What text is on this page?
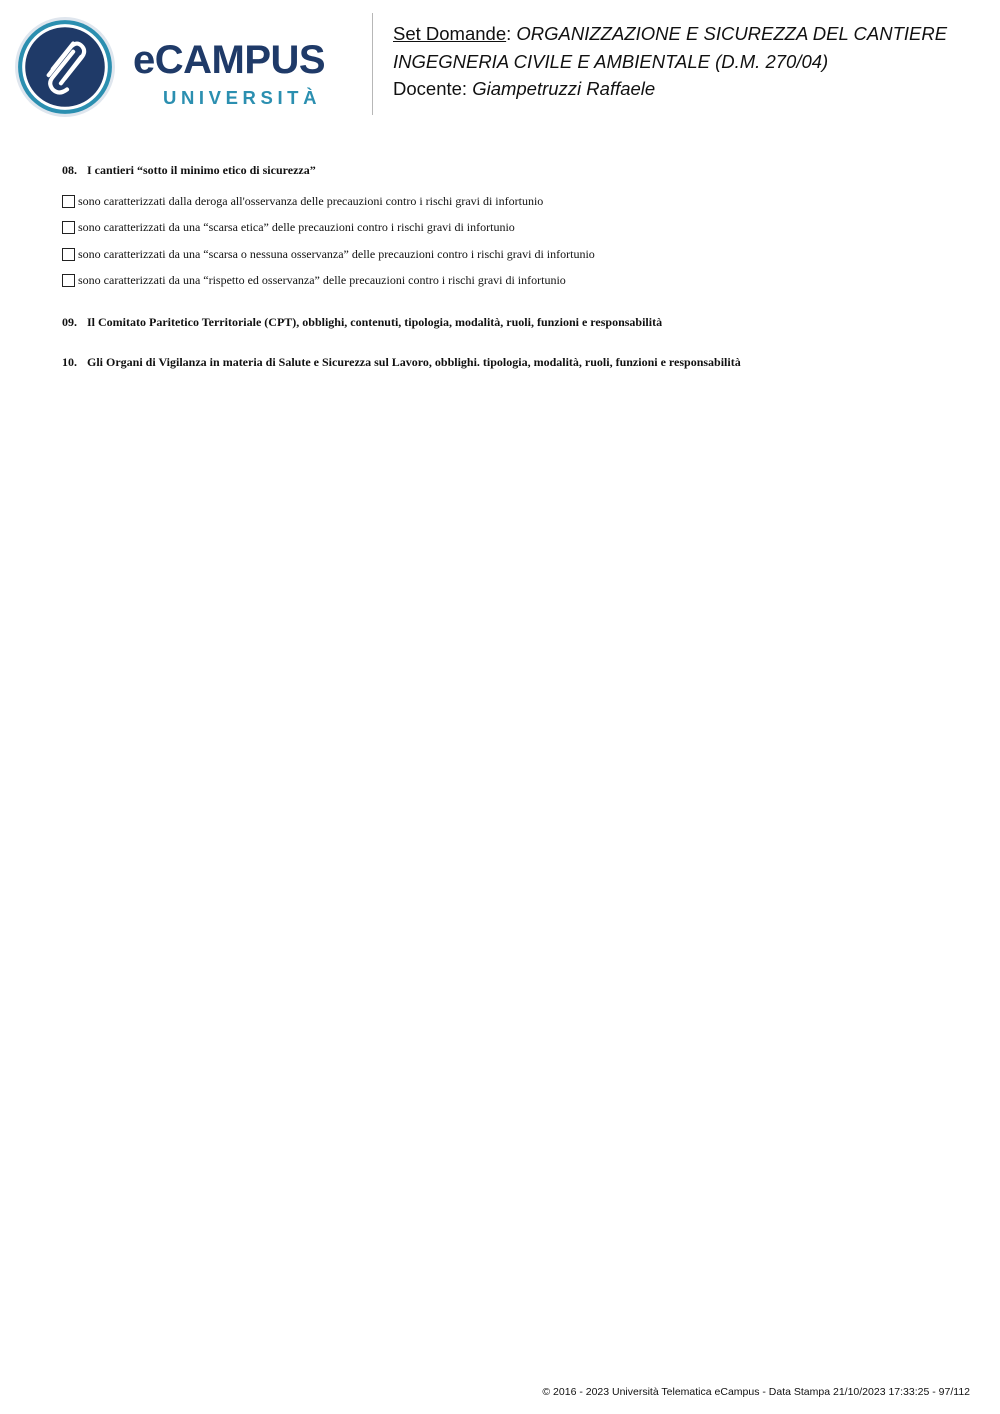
eCAMPUS
UNIVERSITÀ
Set Domande: ORGANIZZAZIONE E SICUREZZA DEL CANTIERE
INGEGNERIA CIVILE E AMBIENTALE (D.M. 270/04)
Docente: Giampetruzzi Raffaele

08. I cantieri “sotto il minimo etico di sicurezza”

sono caratterizzati dalla deroga all'osservanza delle precauzioni contro i rischi gravi di infortunio
sono caratterizzati da una “scarsa etica” delle precauzioni contro i rischi gravi di infortunio
sono caratterizzati da una “scarsa o nessuna osservanza” delle precauzioni contro i rischi gravi di infortunio
sono caratterizzati da una “rispetto ed osservanza” delle precauzioni contro i rischi gravi di infortunio

09. Il Comitato Paritetico Territoriale (CPT), obblighi, contenuti, tipologia, modalità, ruoli, funzioni e responsabilità

10. Gli Organi di Vigilanza in materia di Salute e Sicurezza sul Lavoro, obblighi. tipologia, modalità, ruoli, funzioni e responsabilità

© 2016 - 2023 Università Telematica eCampus - Data Stampa 21/10/2023 17:33:25 - 97/112
